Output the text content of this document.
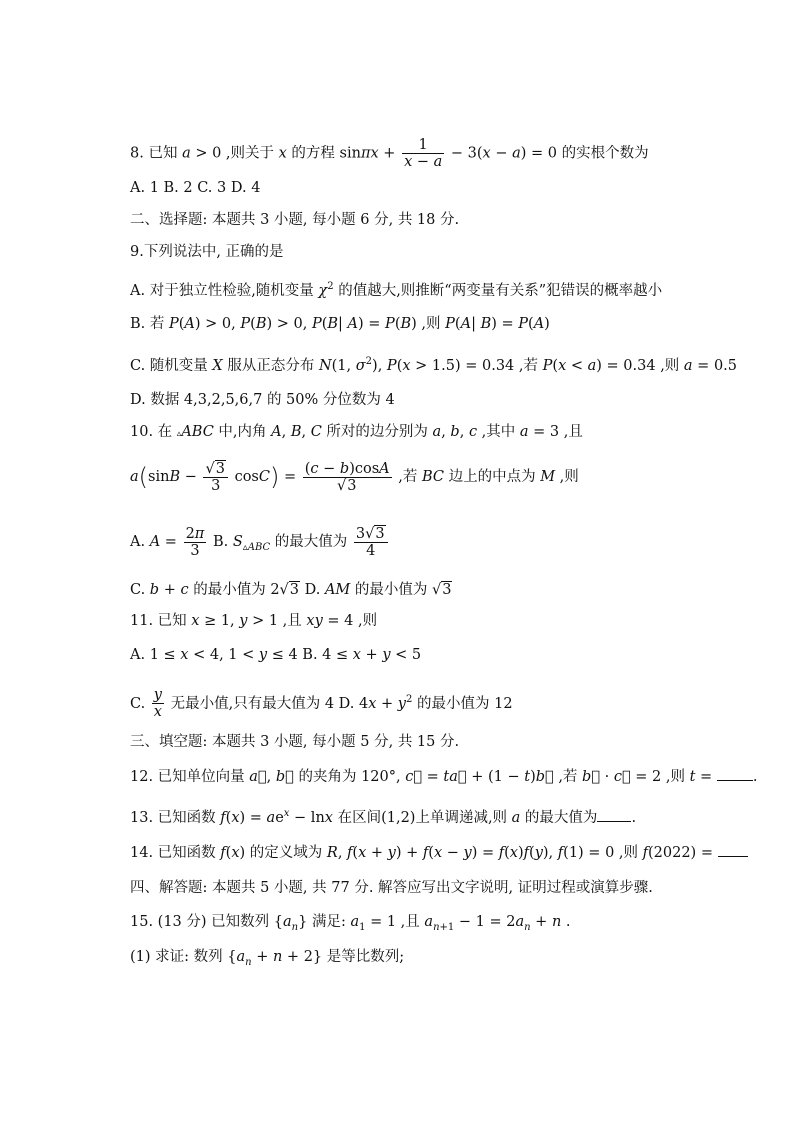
8. 已知 a > 0 ,则关于 x 的方程 $\sin\pi x + \frac{1}{x - a} - 3(x - a) = 0$ 的实根个数为
A. 1 B. 2 C. 3 D. 4
二、选择题: 本题共 3 小题, 每小题 6 分, 共 18 分.
9.下列说法中, 正确的是
A. 对于独立性检验,随机变量 $\chi^2$ 的值越大,则推断“两变量有关系”犯错误的概率越小
B. 若 P(A) > 0, P(B) > 0, P(B| A) = P(B) ,则 P(A| B) = P(A)
C. 随机变量 X 服从正态分布 N(1, $\sigma^2$), P(x > 1.5) = 0.34 ,若 P(x < a) = 0.34 ,则 a = 0.5
D. 数据 4,3,2,5,6,7 的 50% 分位数为 4
10. 在 ▵ABC 中,内角 A, B, C 所对的边分别为 a, b, c ,其中 a = 3 ,且
$a(\sin B - \frac{√3}{3} \cos C) = \frac{(c - b)\cos A}{√3}$ ,若 BC 边上的中点为 M ,则
A. $A = \frac{2\pi}{3} B$. $S_{▵ABC}$ 的最大值为 $\frac{3√3}{4}$
C. b + c 的最小值为 2√3 D. AM 的最小值为 √3
11. 已知 x ≥ 1, y > 1 ,且 xy = 4 ,则
A. 1 ≤ x < 4, 1 < y ≤ 4 B. 4 ≤ x + y < 5
C. $\frac{y}{x}$ 无最小值,只有最大值为 4 D. $4x + y^2$ 的最小值为 12
三、填空题: 本题共 3 小题, 每小题 5 分, 共 15 分.
12. 已知单位向量 a⃗, b⃗ 的夹角为 120°, c⃗ = ta⃗ + (1 − t)b⃗ ,若 b⃗ · c⃗ = 2 ,则 t = .
13. 已知函数 $f(x) = ae^x - \ln x$ 在区间(1,2)上单调递减,则 a 的最大值为 .
14. 已知函数 f(x) 的定义域为 R, f(x + y) + f(x − y) = f(x)f(y), f(1) = 0 ,则 f(2022) =
四、解答题: 本题共 5 小题, 共 77 分. 解答应写出文字说明, 证明过程或演算步骤.
15. (13 分) 已知数列 $\{a_n\}$ 满足: $a_1 = 1$ ,且 $a_{n+1} - 1 = 2a_n + n$ .
(1) 求证: 数列 $\{a_n + n + 2\}$ 是等比数列;
